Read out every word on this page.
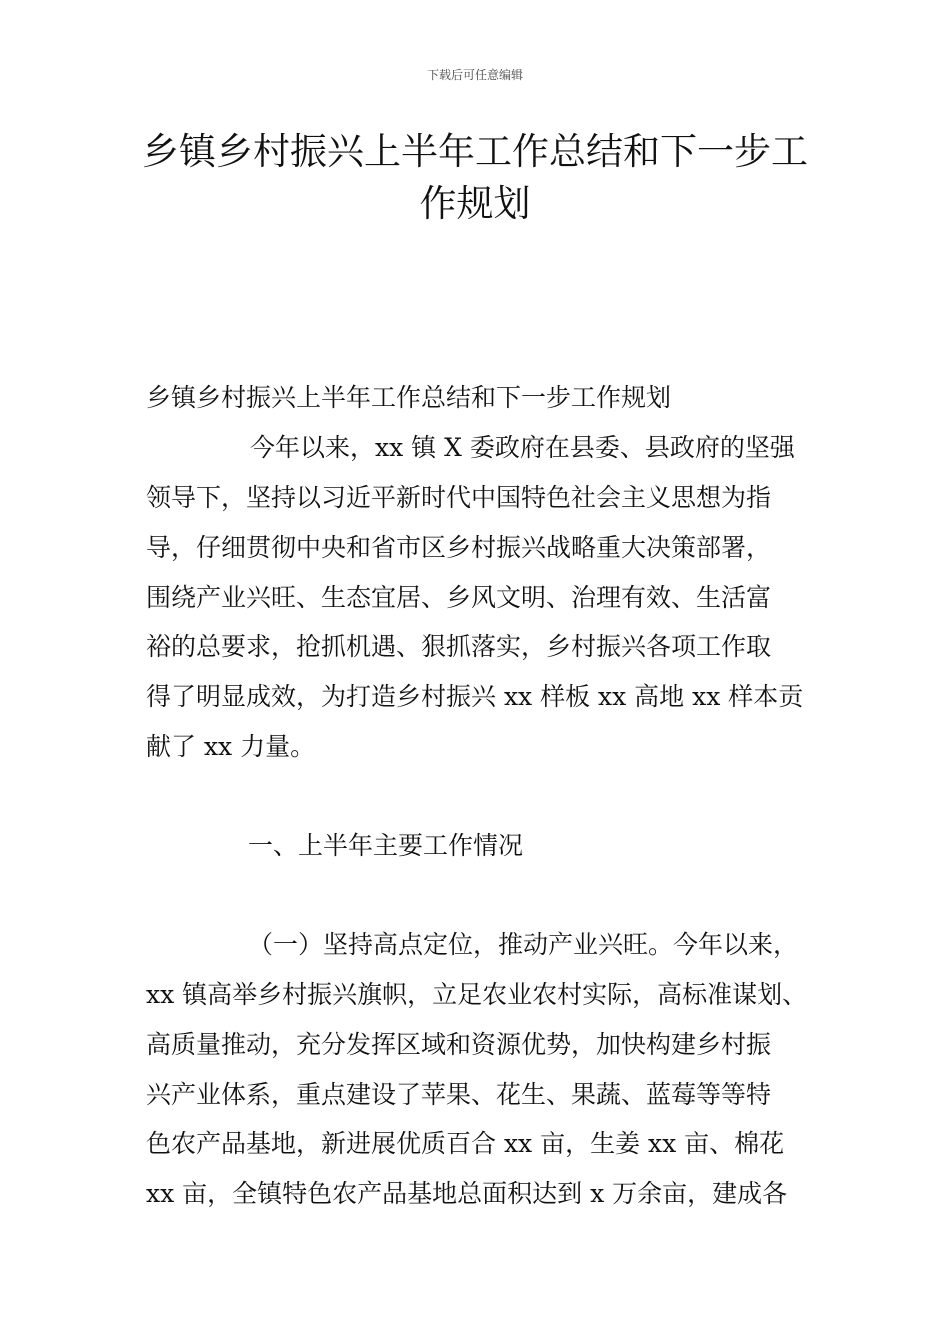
下载后可任意编辑
乡镇乡村振兴上半年工作总结和下一步工
作规划
乡镇乡村振兴上半年工作总结和下一步工作规划
今年以来，xx 镇 X 委政府在县委、县政府的坚强
领导下，坚持以习近平新时代中国特色社会主义思想为指
导，仔细贯彻中央和省市区乡村振兴战略重大决策部署，
围绕产业兴旺、生态宜居、乡风文明、治理有效、生活富
裕的总要求，抢抓机遇、狠抓落实，乡村振兴各项工作取
得了明显成效，为打造乡村振兴 xx 样板 xx 高地 xx 样本贡
献了 xx 力量。
一、上半年主要工作情况
（一）坚持高点定位，推动产业兴旺。今年以来，
xx 镇高举乡村振兴旗帜，立足农业农村实际，高标准谋划、
高质量推动，充分发挥区域和资源优势，加快构建乡村振
兴产业体系，重点建设了苹果、花生、果蔬、蓝莓等等特
色农产品基地，新进展优质百合 xx 亩，生姜 xx 亩、棉花
xx 亩，全镇特色农产品基地总面积达到 x 万余亩，建成各
